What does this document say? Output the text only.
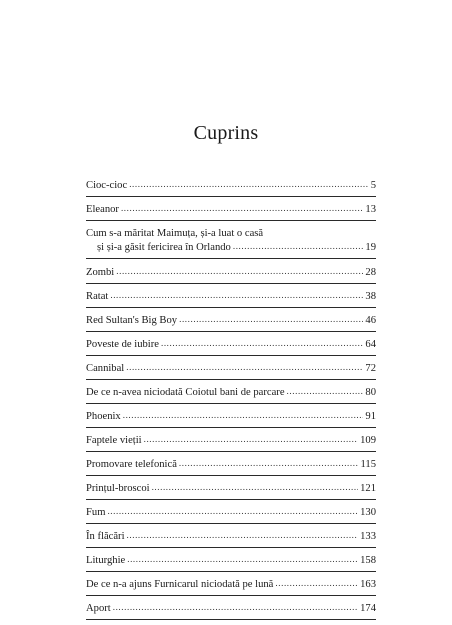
Cuprins
Cioc-cioc .....	5
Eleanor .....	13
Cum s-a măritat Maimuța, și-a luat o casă
și și-a găsit fericirea în Orlando .....	19
Zombi .....	28
Ratat .....	38
Red Sultan's Big Boy .....	46
Poveste de iubire .....	64
Cannibal .....	72
De ce n-avea niciodată Coiotul bani de parcare .....	80
Phoenix .....	91
Faptele vieții .....	109
Promovare telefonică .....	115
Prințul-broscoi .....	121
Fum .....	130
În flăcări .....	133
Liturghie .....	158
De ce n-a ajuns Furnicarul niciodată pe lună .....	163
Aport .....	174
